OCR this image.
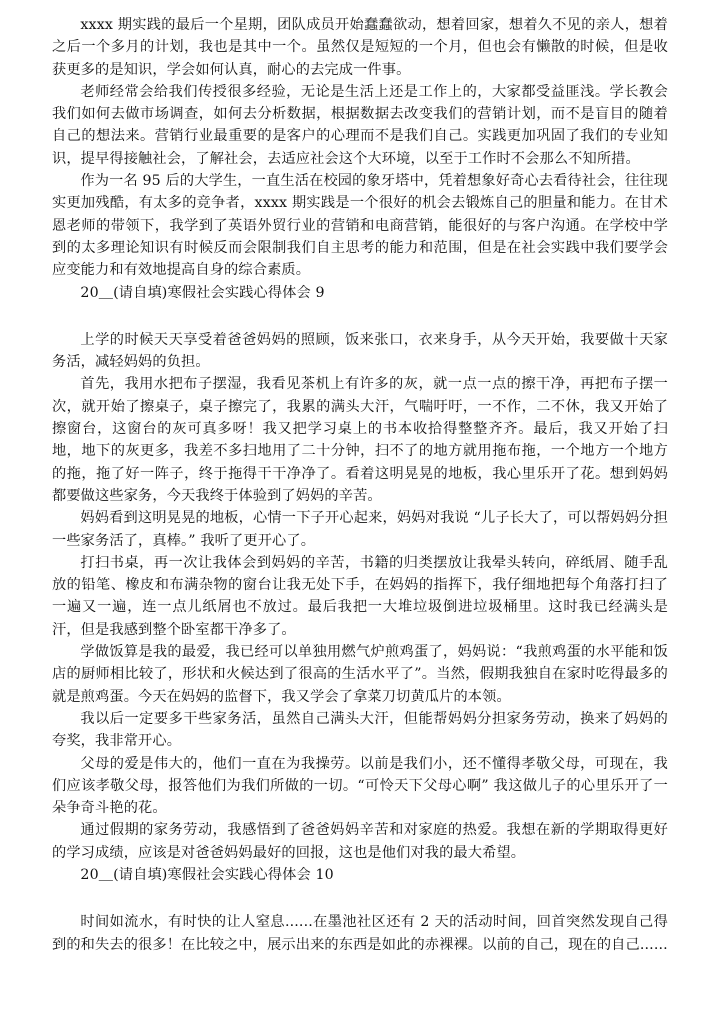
xxxx 期实践的最后一个星期，团队成员开始蠢蠢欲动，想着回家，想着久不见的亲人，想着之后一个多月的计划，我也是其中一个。虽然仅是短短的一个月，但也会有懒散的时候，但是收获更多的是知识，学会如何认真，耐心的去完成一件事。

老师经常会给我们传授很多经验，无论是生活上还是工作上的，大家都受益匪浅。学长教会我们如何去做市场调查，如何去分析数据，根据数据去改变我们的营销计划，而不是盲目的随着自己的想法来。营销行业最重要的是客户的心理而不是我们自己。实践更加巩固了我们的专业知识，提早得接触社会，了解社会，去适应社会这个大环境，以至于工作时不会那么不知所措。

作为一名 95 后的大学生，一直生活在校园的象牙塔中，凭着想象好奇心去看待社会，往往现实更加残酷，有太多的竞争者，xxxx 期实践是一个很好的机会去锻炼自己的胆量和能力。在甘术恩老师的带领下，我学到了英语外贸行业的营销和电商营销，能很好的与客户沟通。在学校中学到的太多理论知识有时候反而会限制我们自主思考的能力和范围，但是在社会实践中我们要学会应变能力和有效地提高自身的综合素质。

20＿(请自填)寒假社会实践心得体会 9

上学的时候天天享受着爸爸妈妈的照顾，饭来张口，衣来身手，从今天开始，我要做十天家务活，减轻妈妈的负担。

首先，我用水把布子摆湿，我看见茶机上有许多的灰，就一点一点的擦干净，再把布子摆一次，就开始了擦桌子，桌子擦完了，我累的满头大汗，气喘吁吁，一不作，二不休，我又开始了擦窗台，这窗台的灰可真多呀！我又把学习桌上的书本收拾得整整齐齐。最后，我又开始了扫地，地下的灰更多，我差不多扫地用了二十分钟，扫不了的地方就用拖布拖，一个地方一个地方的拖，拖了好一阵子，终于拖得干干净净了。看着这明晃晃的地板，我心里乐开了花。想到妈妈都要做这些家务，今天我终于体验到了妈妈的辛苦。

妈妈看到这明晃晃的地板，心情一下子开心起来，妈妈对我说 “儿子长大了，可以帮妈妈分担一些家务活了，真棒。” 我听了更开心了。

打扫书桌，再一次让我体会到妈妈的辛苦，书籍的归类摆放让我晕头转向，碎纸屑、随手乱放的铅笔、橡皮和布满杂物的窗台让我无处下手，在妈妈的指挥下，我仔细地把每个角落打扫了一遍又一遍，连一点儿纸屑也不放过。最后我把一大堆垃圾倒进垃圾桶里。这时我已经满头是汗，但是我感到整个卧室都干净多了。

学做饭算是我的最爱，我已经可以单独用燃气炉煎鸡蛋了，妈妈说：“我煎鸡蛋的水平能和饭店的厨师相比较了，形状和火候达到了很高的生活水平了”。当然，假期我独自在家时吃得最多的就是煎鸡蛋。今天在妈妈的监督下，我又学会了拿菜刀切黄瓜片的本领。

我以后一定要多干些家务活，虽然自己满头大汗，但能帮妈妈分担家务劳动，换来了妈妈的夸奖，我非常开心。

父母的爱是伟大的，他们一直在为我操劳。以前是我们小，还不懂得孝敬父母，可现在，我们应该孝敬父母，报答他们为我们所做的一切。“可怜天下父母心啊” 我这做儿子的心里乐开了一朵争奇斗艳的花。

通过假期的家务劳动，我感悟到了爸爸妈妈辛苦和对家庭的热爱。我想在新的学期取得更好的学习成绩，应该是对爸爸妈妈最好的回报，这也是他们对我的最大希望。

20＿(请自填)寒假社会实践心得体会 10

时间如流水，有时快的让人窒息......在墨池社区还有 2 天的活动时间，回首突然发现自己得到的和失去的很多！在比较之中，展示出来的东西是如此的赤裸裸。以前的自己，现在的自己......
